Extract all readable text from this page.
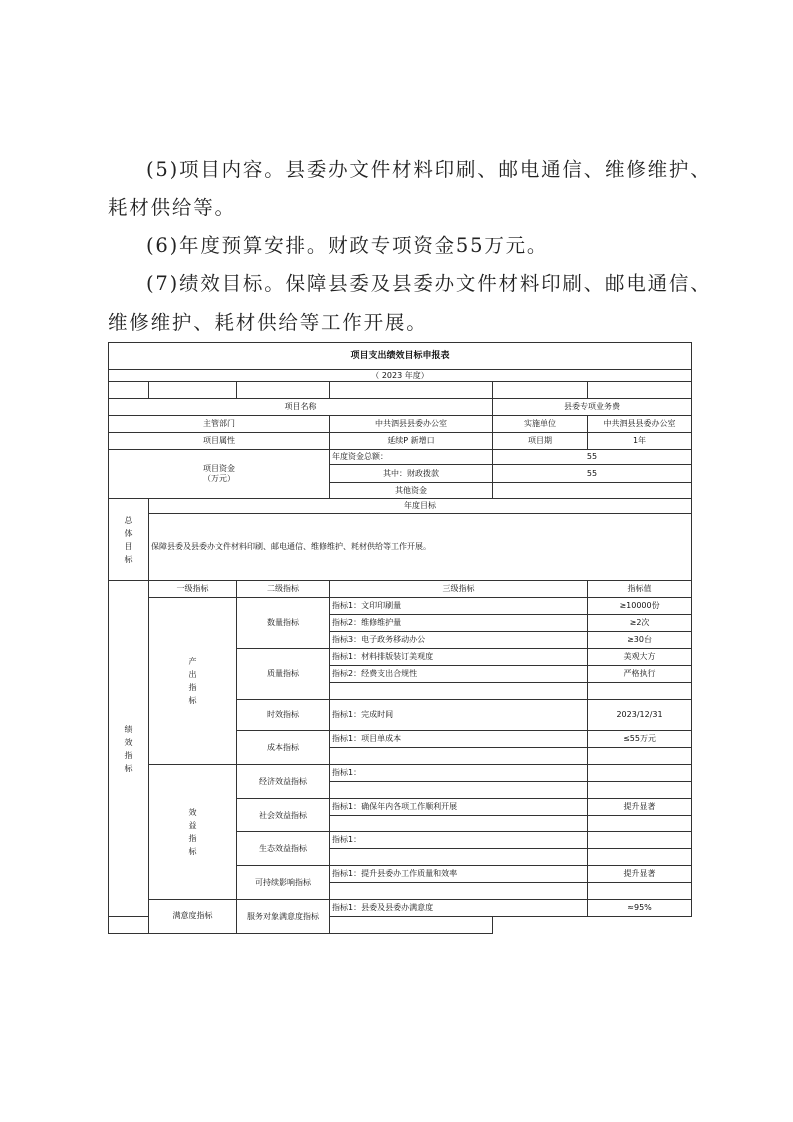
(5)项目内容。县委办文件材料印刷、邮电通信、维修维护、
耗材供给等。
(6)年度预算安排。财政专项资金55万元。
(7)绩效目标。保障县委及县委办文件材料印刷、邮电通信、
维修维护、耗材供给等工作开展。
项目支出绩效目标申报表					
（ 2023 年度）					

项目名称				县委专项业务费	
主管部门			中共泗县县委办公室	实施单位	中共泗县县委办公室
项目属性			延续P 新增口	项目期	1年

项目资金
（万元）			年度资金总额：	55	
			其中：财政拨款	55	
			其他资金		

总体目标	年度目标				
	保障县委及县委办文件材料印刷、邮电通信、维修维护、耗材供给等工作开展。				

绩效指标	一级指标	二级指标	三级指标		指标值

	产出指标	数量指标	指标1：文印印刷量		≥10000份
			指标2：维修维护量		≥2次
			指标3：电子政务移动办公		≥30台
		质量指标	指标1：材料排版装订美观度		美观大方
			指标2：经费支出合规性		严格执行

		时效指标	指标1：完成时间		2023/12/31
		成本指标	指标1：项目单成本		≤55万元

	效益指标	经济效益指标	指标1：		

		社会效益指标	指标1：确保年内各项工作顺利开展		提升显著

		生态效益指标	指标1：		

		可持续影响指标	指标1：提升县委办工作质量和效率		提升显著

	满意度指标	服务对象满意度指标	指标1：县委及县委办满意度		≈95%
